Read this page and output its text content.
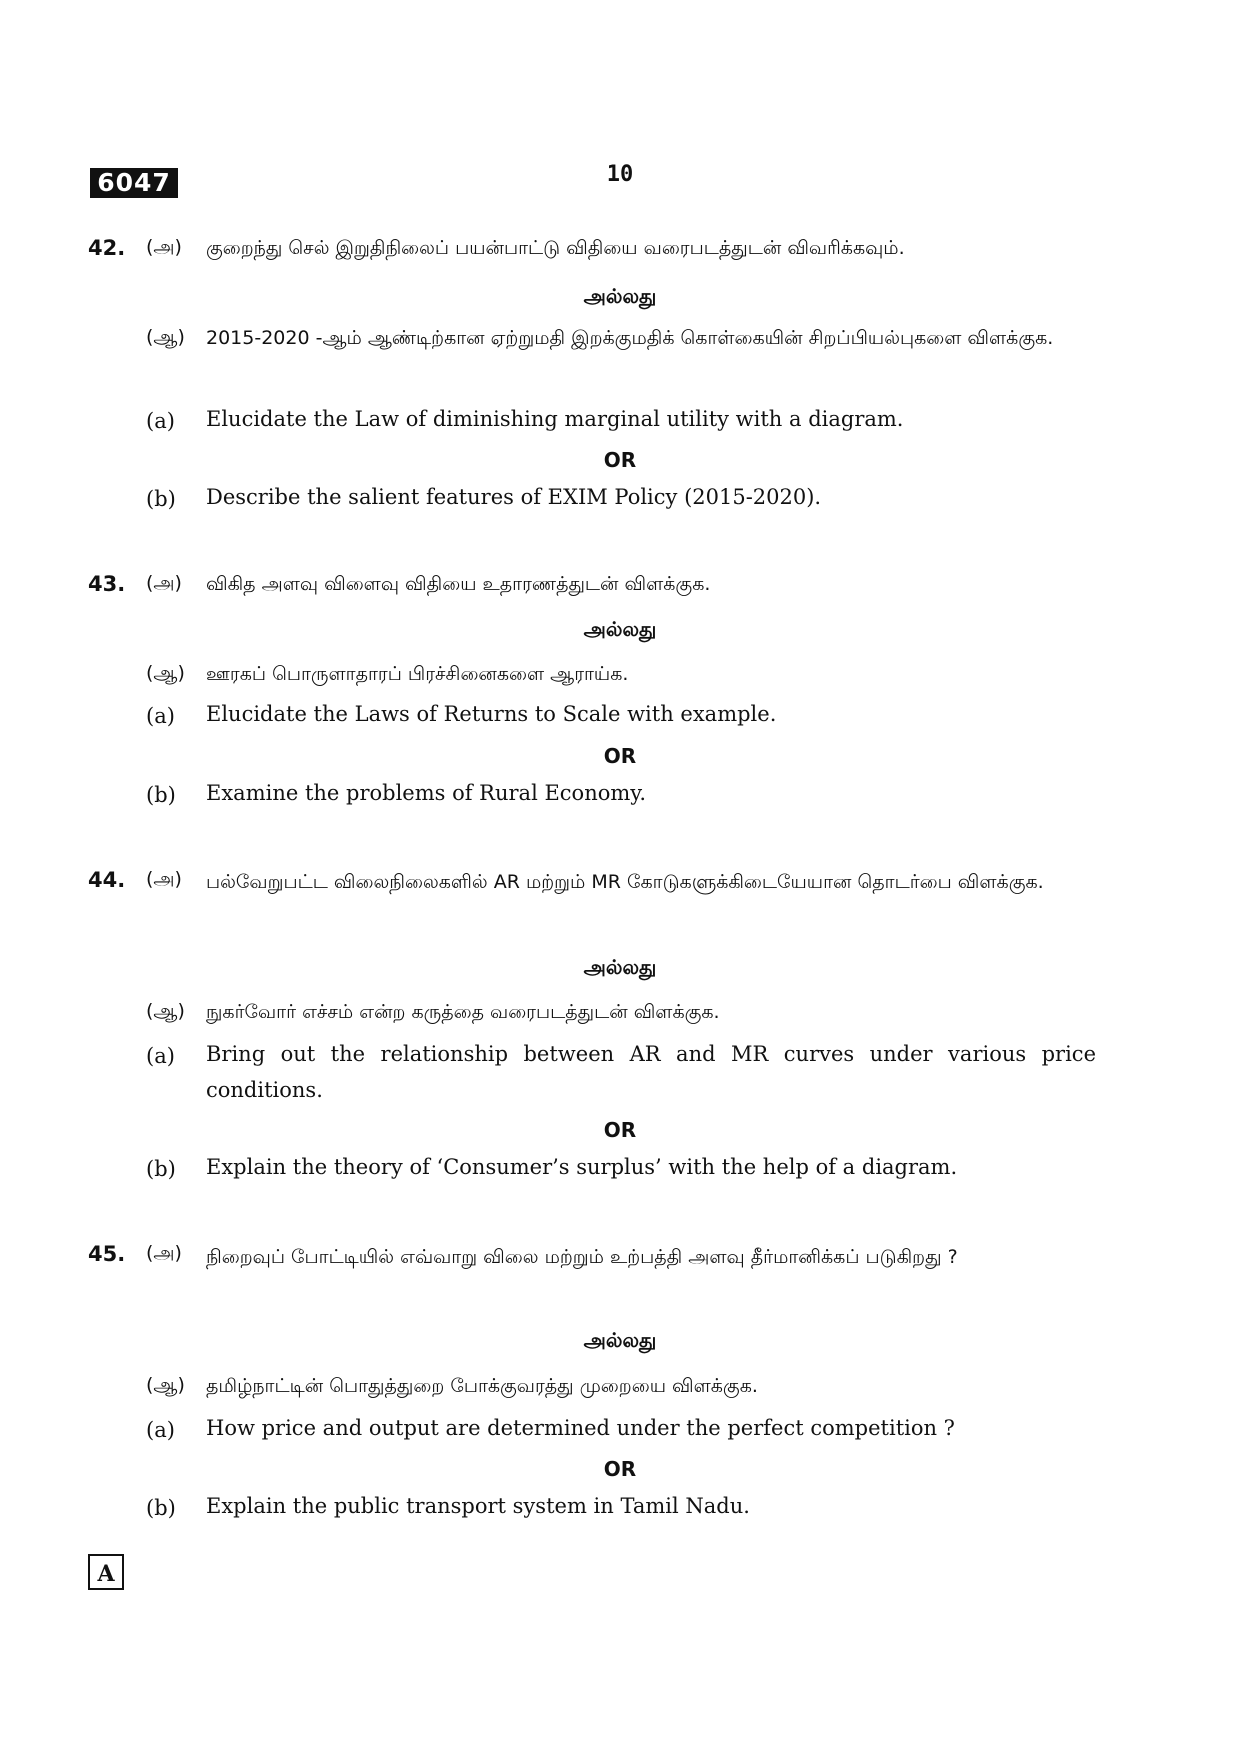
6047	10
42. (அ) குறைந்து செல் இறுதிநிலைப் பயன்பாட்டு விதியை வரைபடத்துடன் விவரிக்கவும்.
அல்லது
(ஆ) 2015-2020 -ஆம் ஆண்டிற்கான ஏற்றுமதி இறக்குமதிக் கொள்கையின் சிறப்பியல்புகளை விளக்குக.
(a) Elucidate the Law of diminishing marginal utility with a diagram.
OR
(b) Describe the salient features of EXIM Policy (2015-2020).
43. (அ) விகித அளவு விளைவு விதியை உதாரணத்துடன் விளக்குக.
அல்லது
(ஆ) ஊரகப் பொருளாதாரப் பிரச்சினைகளை ஆராய்க.
(a) Elucidate the Laws of Returns to Scale with example.
OR
(b) Examine the problems of Rural Economy.
44. (அ) பல்வேறுபட்ட விலைநிலைகளில் AR மற்றும் MR கோடுகளுக்கிடையேயான தொடர்பை விளக்குக.
அல்லது
(ஆ) நுகர்வோர் எச்சம் என்ற கருத்தை வரைபடத்துடன் விளக்குக.
(a) Bring out the relationship between AR and MR curves under various price conditions.
OR
(b) Explain the theory of ‘Consumer’s surplus’ with the help of a diagram.
45. (அ) நிறைவுப் போட்டியில் எவ்வாறு விலை மற்றும் உற்பத்தி அளவு தீர்மானிக்கப் படுகிறது ?
அல்லது
(ஆ) தமிழ்நாட்டின் பொதுத்துறை போக்குவரத்து முறையை விளக்குக.
(a) How price and output are determined under the perfect competition ?
OR
(b) Explain the public transport system in Tamil Nadu.
A
